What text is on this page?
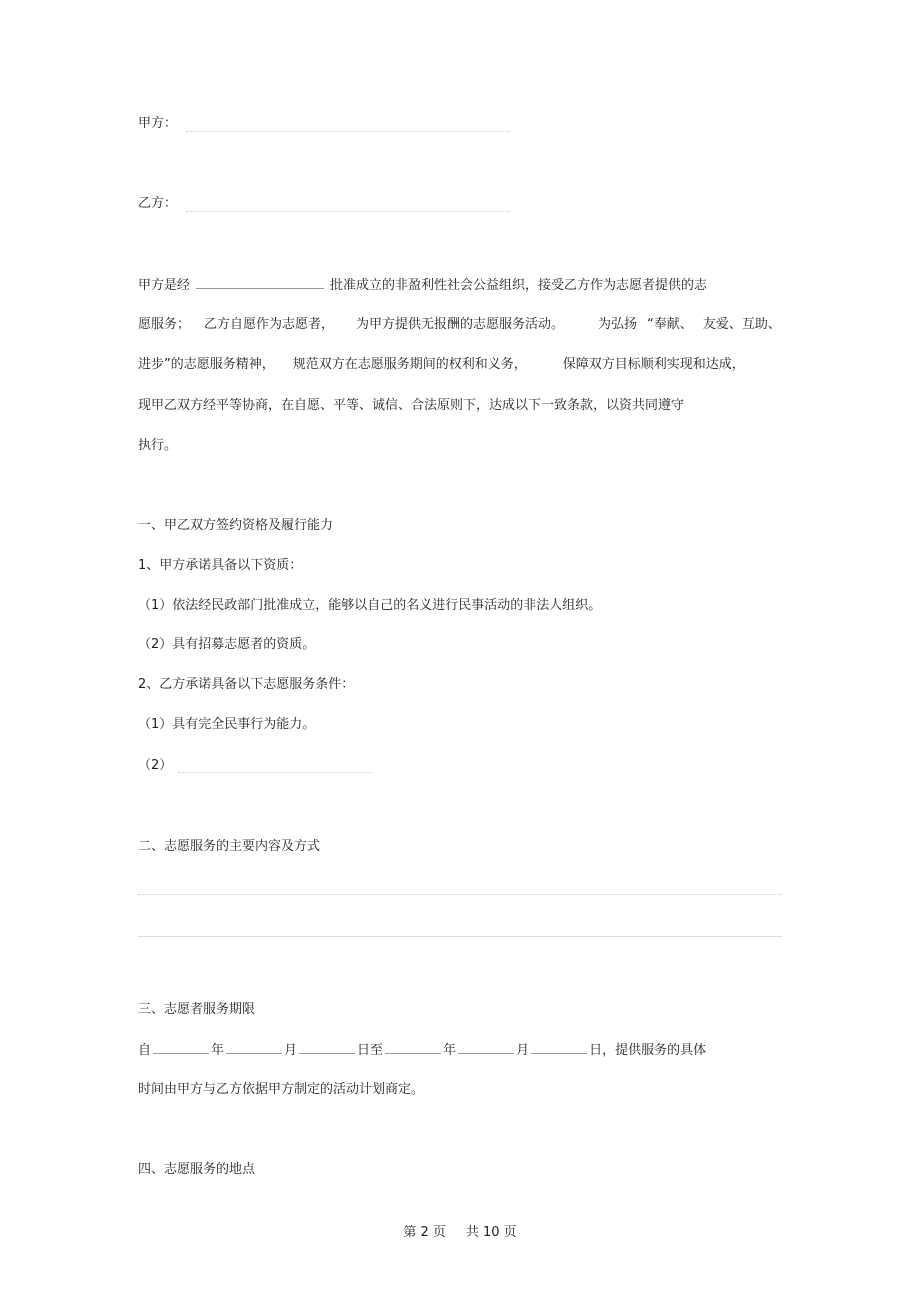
甲方：
乙方：
甲方是经	批准成立的非盈利性社会公益组织，接受乙方作为志愿者提供的志
愿服务； 乙方自愿作为志愿者， 为甲方提供无报酬的志愿服务活动。	为弘扬 “奉献、 友爱、互助、
进步”的志愿服务精神， 规范双方在志愿服务期间的权利和义务，	保障双方目标顺利实现和达成，
现甲乙双方经平等协商，在自愿、平等、诚信、合法原则下，达成以下一致条款，以资共同遵守
执行。
一、甲乙双方签约资格及履行能力
1、甲方承诺具备以下资质：
（1）依法经民政部门批准成立，能够以自己的名义进行民事活动的非法人组织。
（2）具有招募志愿者的资质。
2、乙方承诺具备以下志愿服务条件：
（1）具有完全民事行为能力。
（2）
二、志愿服务的主要内容及方式
三、志愿者服务期限
自	年	月	日至	年	月	日，提供服务的具体
时间由甲方与乙方依据甲方制定的活动计划商定。
四、志愿服务的地点
第 2 页 共 10 页
